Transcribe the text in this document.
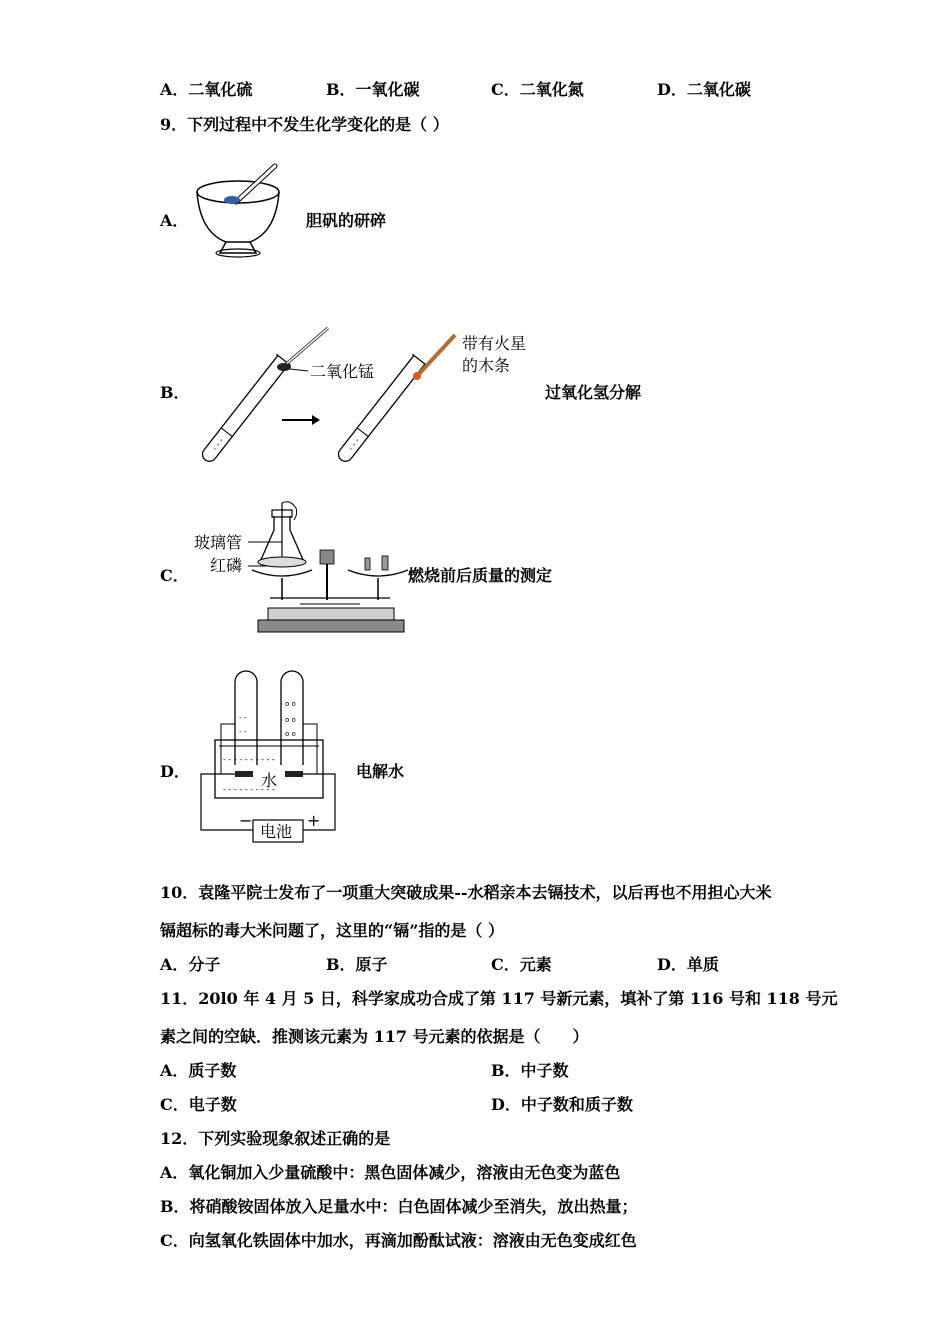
A．二氧化硫	B．一氧化碳	C．二氧化氮	D．二氧化碳
9．下列过程中不发生化学变化的是（ ）
A．	胆矾的研碎
B．
- - -
二氧化锰
- - -
带有火星
的木条
过氧化氢分解
C．
玻璃管
红磷
燃烧前后质量的测定
D．
- -
- -
o o
o o
o o
- - - - - - - - - -
- - - - - - - - - -
水
电池
−	+
电解水
10．袁隆平院士发布了一项重大突破成果--水稻亲本去镉技术，以后再也不用担心大米
镉超标的毒大米问题了，这里的“镉”指的是（ ）
A．分子	B．原子	C．元素	D．单质
11．20l0 年 4 月 5 日，科学家成功合成了第 117 号新元素，填补了第 116 号和 118 号元
素之间的空缺．推测该元素为 117 号元素的依据是（　　）
A．质子数	B．中子数
C．电子数	D．中子数和质子数
12．下列实验现象叙述正确的是
A．氧化铜加入少量硫酸中：黑色固体减少，溶液由无色变为蓝色
B．将硝酸铵固体放入足量水中：白色固体减少至消失，放出热量；
C．向氢氧化铁固体中加水，再滴加酚酞试液：溶液由无色变成红色
